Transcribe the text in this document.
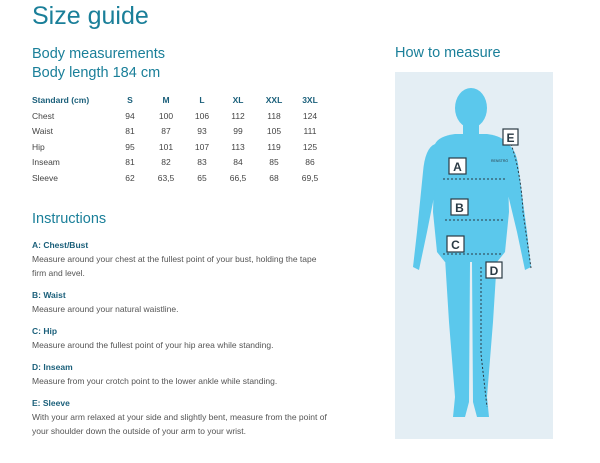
Size guide
Body measurements
Body length 184 cm
Standard (cm)	S	M	L	XL	XXL	3XL
Chest	94	100	106	112	118	124
Waist	81	87	93	99	105	111
Hip	95	101	107	113	119	125
Inseam	81	82	83	84	85	86
Sleeve	62	63,5	65	66,5	68	69,5
Instructions
A: Chest/Bust
Measure around your chest at the fullest point of your bust, holding the tape firm and level.
B: Waist
Measure around your natural waistline.
C: Hip
Measure around the fullest point of your hip area while standing.
D: Inseam
Measure from your crotch point to the lower ankle while standing.
E: Sleeve
With your arm relaxed at your side and slightly bent, measure from the point of your shoulder down the outside of your arm to your wrist.
How to measure
A
B
C
D
E
RENSTRÖ
